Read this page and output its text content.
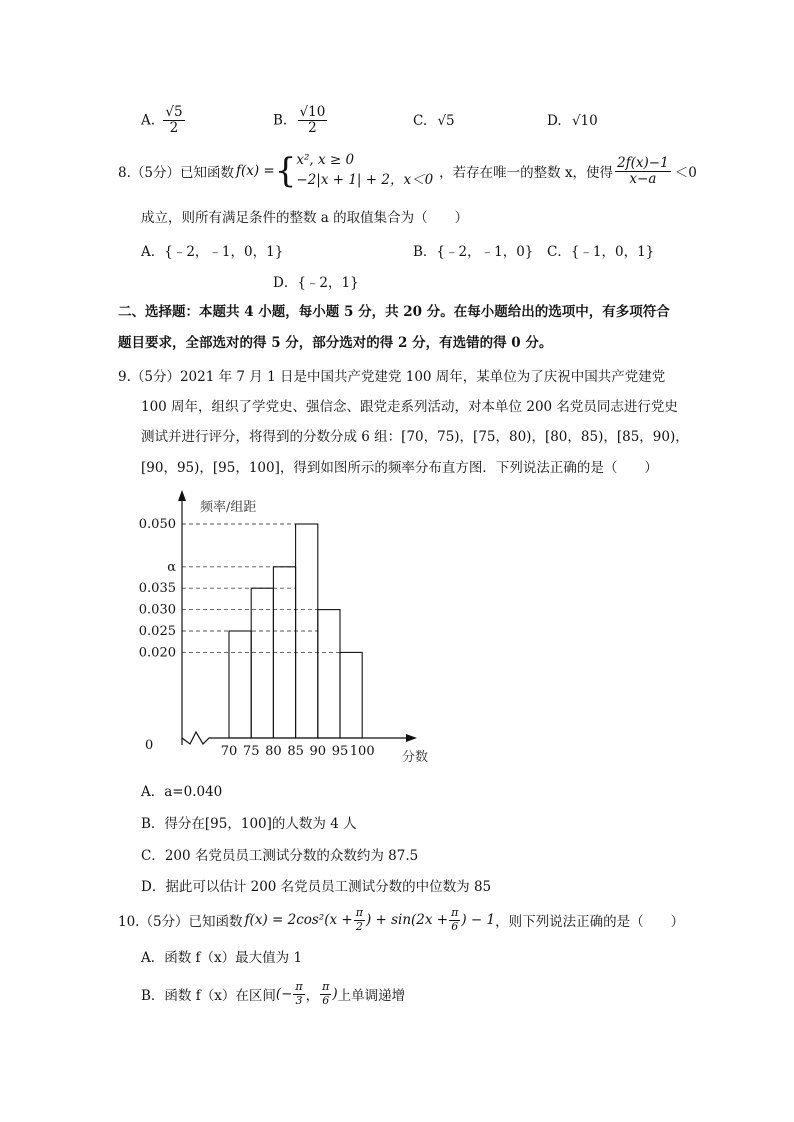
A. $\frac{√5}{2}$	B. $\frac{√10}{2}$	C. √5	D. √10
8.（5分）已知函数 f(x) = { x², x ≥ 0
−2|x + 1| + 2，x＜0 ，若存在唯一的整数 x，使得 $\frac{2f(x)-1}{x-a} <0$
成立，则所有满足条件的整数 a 的取值集合为（　　）
A．{﹣2，﹣1，0，1}	B．{﹣2，﹣1，0} C．{﹣1，0，1}
D．{﹣2，1}
二、选择题：本题共 4 小题，每小题 5 分，共 20 分。在每小题给出的选项中，有多项符合
题目要求，全部选对的得 5 分，部分选对的得 2 分，有选错的得 0 分。
9.（5分）2021 年 7 月 1 日是中国共产党建党 100 周年，某单位为了庆祝中国共产党建党
100 周年，组织了学党史、强信念、跟党走系列活动，对本单位 200 名党员同志进行党史
测试并进行评分，将得到的分数分成 6 组：[70，75)，[75，80)，[80，85)，[85，90)，
[90，95)，[95，100]，得到如图所示的频率分布直方图．下列说法正确的是（　　）
频率/组距
分数
0
0.050
α
0.035
0.030
0.025
0.020
70 75 80 85 90 95 100
A．a=0.040
B．得分在[95，100]的人数为 4 人
C．200 名党员员工测试分数的众数约为 87.5
D．据此可以估计 200 名党员员工测试分数的中位数为 85
10.（5分）已知函数 $f(x) = 2\cos^2(x + \frac{\pi}{2}$ ) + $\sin(2x + \frac{\pi}{6}$ ) − 1 ，则下列说法正确的是（　　）
A．函数 f（x）最大值为 1
B．函数 f（x）在区间 (− $\frac{\pi}{3}$ ， $\frac{\pi}{6}$ ) 上单调递增
